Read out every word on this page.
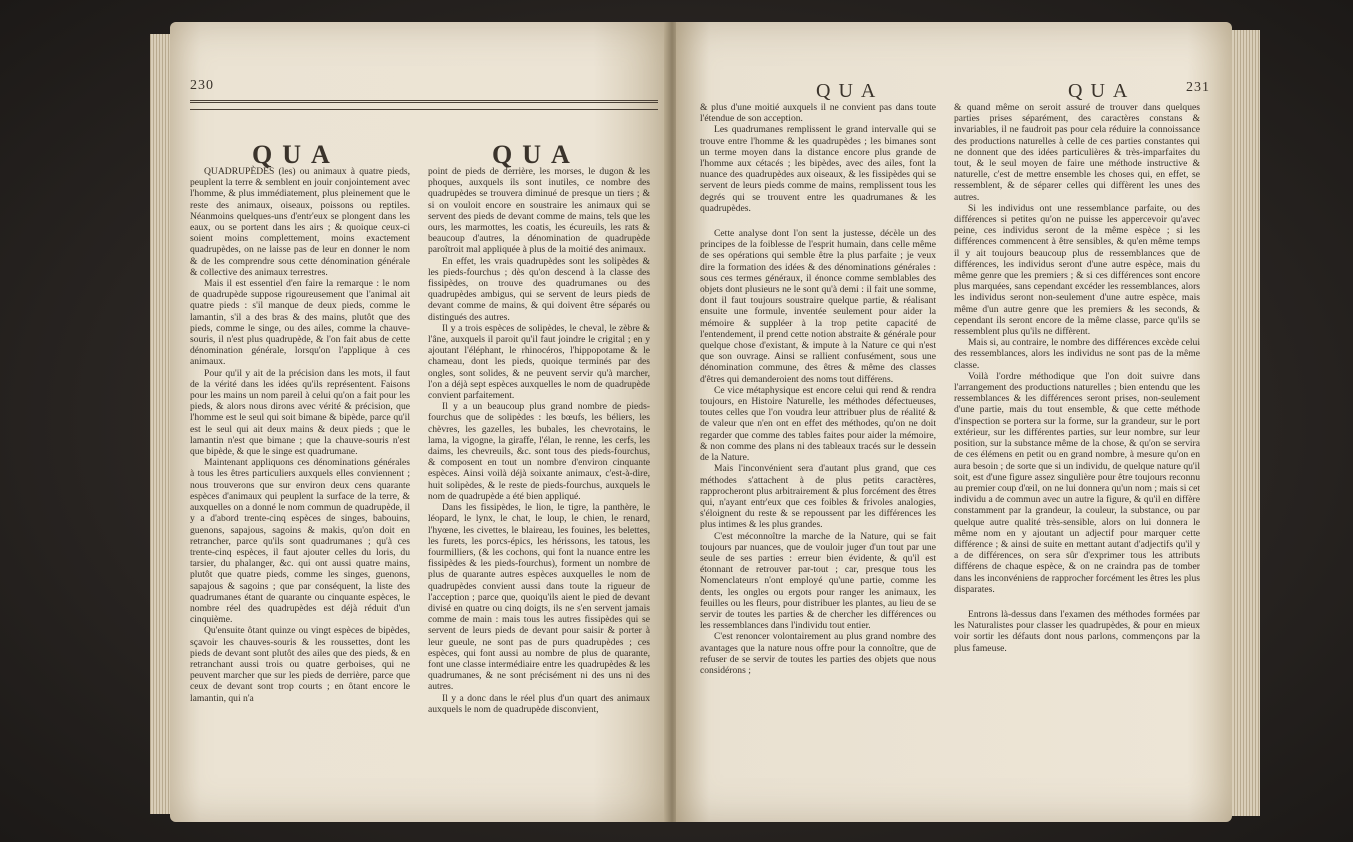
230
QUA	QUA

QUADRUPÈDES (les) ou animaux à quatre pieds, peuplent la terre & semblent en jouir conjointement avec l'homme, & plus immédiatement, plus pleinement que le reste des animaux, oiseaux, poissons ou reptiles. Néanmoins quelques-uns d'entr'eux se plongent dans les eaux, ou se portent dans les airs ; & quoique ceux-ci soient moins complettement, moins exactement quadrupèdes, on ne laisse pas de leur en donner le nom & de les comprendre sous cette dénomination générale & collective des animaux terrestres.

Mais il est essentiel d'en faire la remarque : le nom de quadrupède suppose rigoureusement que l'animal ait quatre pieds : s'il manque de deux pieds, comme le lamantin, s'il a des bras & des mains, plutôt que des pieds, comme le singe, ou des ailes, comme la chauve-souris, il n'est plus quadrupède, & l'on fait abus de cette dénomination générale, lorsqu'on l'applique à ces animaux.

Pour qu'il y ait de la précision dans les mots, il faut de la vérité dans les idées qu'ils représentent. Faisons pour les mains un nom pareil à celui qu'on a fait pour les pieds, & alors nous dirons avec vérité & précision, que l'homme est le seul qui soit bimane & bipède, parce qu'il est le seul qui ait deux mains & deux pieds ; que le lamantin n'est que bimane ; que la chauve-souris n'est que bipède, & que le singe est quadrumane.

Maintenant appliquons ces dénominations générales à tous les êtres particuliers auxquels elles conviennent ; nous trouverons que sur environ deux cens quarante espèces d'animaux qui peuplent la surface de la terre, & auxquelles on a donné le nom commun de quadrupède, il y a d'abord trente-cinq espèces de singes, babouins, guenons, sapajous, sagoins & makis, qu'on doit en retrancher, parce qu'ils sont quadrumanes ; qu'à ces trente-cinq espèces, il faut ajouter celles du loris, du tarsier, du phalanger, &c. qui ont aussi quatre mains, plutôt que quatre pieds, comme les singes, guenons, sapajous & sagoins ; que par conséquent, la liste des quadrumanes étant de quarante ou cinquante espèces, le nombre réel des quadrupèdes est déjà réduit d'un cinquième.

Qu'ensuite ôtant quinze ou vingt espèces de bipèdes, sçavoir les chauves-souris & les roussettes, dont les pieds de devant sont plutôt des ailes que des pieds, & en retranchant aussi trois ou quatre gerboises, qui ne peuvent marcher que sur les pieds de derrière, parce que ceux de devant sont trop courts ; en ôtant encore le lamantin, qui n'a

point de pieds de derrière, les morses, le dugon & les phoques, auxquels ils sont inutiles, ce nombre des quadrupèdes se trouvera diminué de presque un tiers ; & si on vouloit encore en soustraire les animaux qui se servent des pieds de devant comme de mains, tels que les ours, les marmottes, les coatis, les écureuils, les rats & beaucoup d'autres, la dénomination de quadrupède paroîtroit mal appliquée à plus de la moitié des animaux.

En effet, les vrais quadrupèdes sont les solipèdes & les pieds-fourchus ; dès qu'on descend à la classe des fissipèdes, on trouve des quadrumanes ou des quadrupèdes ambigus, qui se servent de leurs pieds de devant comme de mains, & qui doivent être séparés ou distingués des autres.

Il y a trois espèces de solipèdes, le cheval, le zèbre & l'âne, auxquels il paroit qu'il faut joindre le crigital ; en y ajoutant l'éléphant, le rhinocéros, l'hippopotame & le chameau, dont les pieds, quoique terminés par des ongles, sont solides, & ne peuvent servir qu'à marcher, l'on a déjà sept espèces auxquelles le nom de quadrupède convient parfaitement.

Il y a un beaucoup plus grand nombre de pieds-fourchus que de solipèdes : les bœufs, les béliers, les chèvres, les gazelles, les bubales, les chevrotains, le lama, la vigogne, la giraffe, l'élan, le renne, les cerfs, les daims, les chevreuils, &c. sont tous des pieds-fourchus, & composent en tout un nombre d'environ cinquante espèces. Ainsi voilà déjà soixante animaux, c'est-à-dire, huit solipèdes, & le reste de pieds-fourchus, auxquels le nom de quadrupède a été bien appliqué.

Dans les fissipèdes, le lion, le tigre, la panthère, le léopard, le lynx, le chat, le loup, le chien, le renard, l'hyœne, les civettes, le blaireau, les fouines, les belettes, les furets, les porcs-épics, les hérissons, les tatous, les fourmilliers, (& les cochons, qui font la nuance entre les fissipèdes & les pieds-fourchus), forment un nombre de plus de quarante autres espèces auxquelles le nom de quadrupèdes convient aussi dans toute la rigueur de l'acception ; parce que, quoiqu'ils aient le pied de devant divisé en quatre ou cinq doigts, ils ne s'en servent jamais comme de main : mais tous les autres fissipèdes qui se servent de leurs pieds de devant pour saisir & porter à leur gueule, ne sont pas de purs quadrupèdes ; ces espèces, qui font aussi au nombre de plus de quarante, font une classe intermédiaire entre les quadrupèdes & les quadrumanes, & ne sont précisément ni des uns ni des autres.

Il y a donc dans le réel plus d'un quart des animaux auxquels le nom de quadrupède disconvient,

QUA	QUA	231

& plus d'une moitié auxquels il ne convient pas dans toute l'étendue de son acception.

Les quadrumanes remplissent le grand intervalle qui se trouve entre l'homme & les quadrupèdes ; les bimanes sont un terme moyen dans la distance encore plus grande de l'homme aux cétacés ; les bipèdes, avec des ailes, font la nuance des quadrupèdes aux oiseaux, & les fissipèdes qui se servent de leurs pieds comme de mains, remplissent tous les degrés qui se trouvent entre les quadrumanes & les quadrupèdes.

Cette analyse dont l'on sent la justesse, décèle un des principes de la foiblesse de l'esprit humain, dans celle même de ses opérations qui semble être la plus parfaite ; je veux dire la formation des idées & des dénominations générales : sous ces termes généraux, il énonce comme semblables des objets dont plusieurs ne le sont qu'à demi : il fait une somme, dont il faut toujours soustraire quelque partie, & réalisant ensuite une formule, inventée seulement pour aider la mémoire & suppléer à la trop petite capacité de l'entendement, il prend cette notion abstraite & générale pour quelque chose d'existant, & impute à la Nature ce qui n'est que son ouvrage. Ainsi se rallient confusément, sous une dénomination commune, des êtres & même des classes d'êtres qui demanderoient des noms tout différens.

Ce vice métaphysique est encore celui qui rend & rendra toujours, en Histoire Naturelle, les méthodes défectueuses, toutes celles que l'on voudra leur attribuer plus de réalité & de valeur que n'en ont en effet des méthodes, qu'on ne doit regarder que comme des tables faites pour aider la mémoire, & non comme des plans ni des tableaux tracés sur le dessein de la Nature.

Mais l'inconvénient sera d'autant plus grand, que ces méthodes s'attachent à de plus petits caractères, rapprocheront plus arbitrairement & plus forcément des êtres qui, n'ayant entr'eux que ces foibles & frivoles analogies, s'éloignent du reste & se repoussent par les différences les plus intimes & les plus grandes.

C'est méconnoître la marche de la Nature, qui se fait toujours par nuances, que de vouloir juger d'un tout par une seule de ses parties : erreur bien évidente, & qu'il est étonnant de retrouver par-tout ; car, presque tous les Nomenclateurs n'ont employé qu'une partie, comme les dents, les ongles ou ergots pour ranger les animaux, les feuilles ou les fleurs, pour distribuer les plantes, au lieu de se servir de toutes les parties & de chercher les différences ou les ressemblances dans l'individu tout entier.

C'est renoncer volontairement au plus grand nombre des avantages que la nature nous offre pour la connoître, que de refuser de se servir de toutes les parties des objets que nous considérons ;

& quand même on seroit assuré de trouver dans quelques parties prises séparément, des caractères constans & invariables, il ne faudroit pas pour cela réduire la connoissance des productions naturelles à celle de ces parties constantes qui ne donnent que des idées particulières & très-imparfaites du tout, & le seul moyen de faire une méthode instructive & naturelle, c'est de mettre ensemble les choses qui, en effet, se ressemblent, & de séparer celles qui diffèrent les unes des autres.

Si les individus ont une ressemblance parfaite, ou des différences si petites qu'on ne puisse les appercevoir qu'avec peine, ces individus seront de la même espèce ; si les différences commencent à être sensibles, & qu'en même temps il y ait toujours beaucoup plus de ressemblances que de différences, les individus seront d'une autre espèce, mais du même genre que les premiers ; & si ces différences sont encore plus marquées, sans cependant excéder les ressemblances, alors les individus seront non-seulement d'une autre espèce, mais même d'un autre genre que les premiers & les seconds, & cependant ils seront encore de la même classe, parce qu'ils se ressemblent plus qu'ils ne diffèrent.

Mais si, au contraire, le nombre des différences excède celui des ressemblances, alors les individus ne sont pas de la même classe.

Voilà l'ordre méthodique que l'on doit suivre dans l'arrangement des productions naturelles ; bien entendu que les ressemblances & les différences seront prises, non-seulement d'une partie, mais du tout ensemble, & que cette méthode d'inspection se portera sur la forme, sur la grandeur, sur le port extérieur, sur les différentes parties, sur leur nombre, sur leur position, sur la substance même de la chose, & qu'on se servira de ces élémens en petit ou en grand nombre, à mesure qu'on en aura besoin ; de sorte que si un individu, de quelque nature qu'il soit, est d'une figure assez singulière pour être toujours reconnu au premier coup d'œil, on ne lui donnera qu'un nom ; mais si cet individu a de commun avec un autre la figure, & qu'il en diffère constamment par la grandeur, la couleur, la substance, ou par quelque autre qualité très-sensible, alors on lui donnera le même nom en y ajoutant un adjectif pour marquer cette différence ; & ainsi de suite en mettant autant d'adjectifs qu'il y a de différences, on sera sûr d'exprimer tous les attributs différens de chaque espèce, & on ne craindra pas de tomber dans les inconvéniens de rapprocher forcément les êtres les plus disparates.

Entrons là-dessus dans l'examen des méthodes formées par les Naturalistes pour classer les quadrupèdes, & pour en mieux voir sortir les défauts dont nous parlons, commençons par la plus fameuse.
